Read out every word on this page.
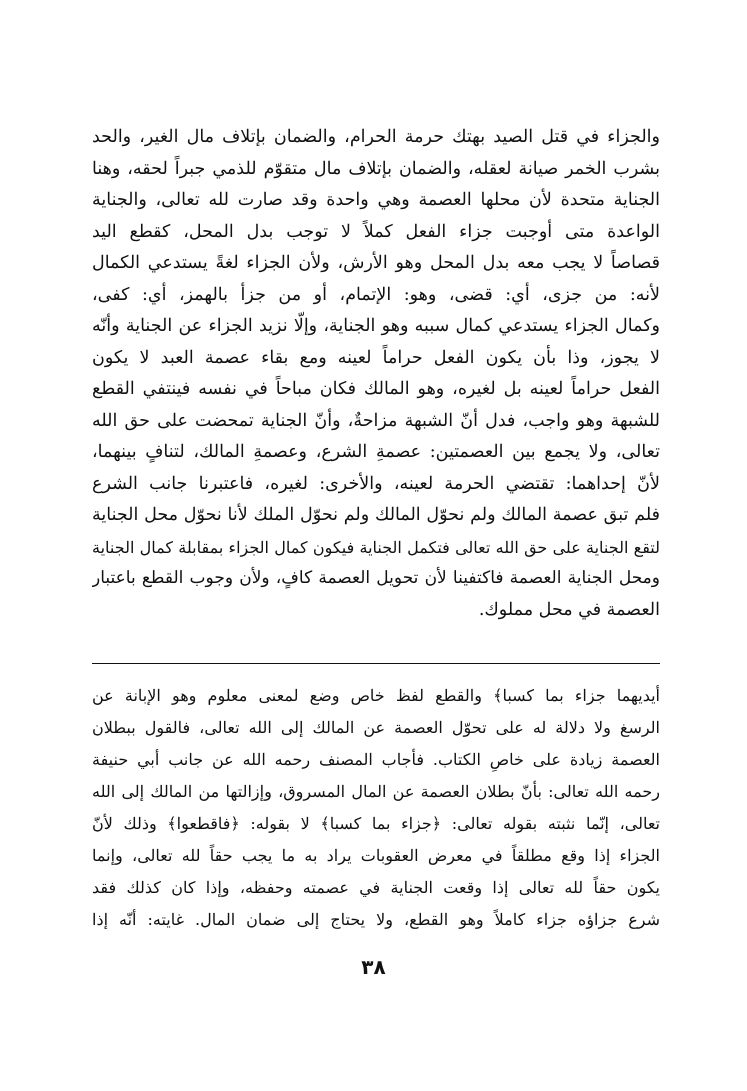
والجزاء في قتل الصيد بهتك حرمة الحرام، والضمان بإتلاف مال الغير، والحد
بشرب الخمر صيانة لعقله، والضمان بإتلاف مال متقوّم للذمي جبراً لحقه، وهنا
الجناية متحدة لأن محلها العصمة وهي واحدة وقد صارت لله تعالى، والجناية
الواعدة متى أوجبت جزاء الفعل كملاً لا توجب بدل المحل، كقطع اليد
قصاصاً لا يجب معه بدل المحل وهو الأرش، ولأن الجزاء لغةً يستدعي الكمال
لأنه: من جزى، أي: قضى، وهو: الإتمام، أو من جزأ بالهمز، أي: كفى،
وكمال الجزاء يستدعي كمال سببه وهو الجناية، وإلّا نزيد الجزاء عن الجناية وأنّه
لا يجوز، وذا بأن يكون الفعل حراماً لعينه ومع بقاء عصمة العبد لا يكون
الفعل حراماً لعينه بل لغيره، وهو المالك فكان مباحاً في نفسه فينتفي القطع
للشبهة وهو واجب، فدل أنّ الشبهة مزاحةٌ، وأنّ الجناية تمحضت على حق الله
تعالى، ولا يجمع بين العصمتين: عصمةِ الشرع، وعصمةِ المالك، لتنافٍ بينهما،
لأنّ إحداهما: تقتضي الحرمة لعينه، والأخرى: لغيره، فاعتبرنا جانب الشرع
فلم تبق عصمة المالك ولم نحوّل المالك ولم نحوّل الملك لأنا نحوّل محل الجناية
لتقع الجناية على حق الله تعالى فتكمل الجناية فيكون كمال الجزاء بمقابلة كمال الجناية
ومحل الجناية العصمة فاكتفينا لأن تحويل العصمة كافٍ، ولأن وجوب القطع باعتبار
العصمة في محل مملوك.
أيديهما جزاء بما كسبا﴾ والقطع لفظ خاص وضع لمعنى معلوم وهو الإبانة عن
الرسغ ولا دلالة له على تحوّل العصمة عن المالك إلى الله تعالى، فالقول ببطلان
العصمة زيادة على خاصِ الكتاب. فأجاب المصنف رحمه الله عن جانب أبي حنيفة
رحمه الله تعالى: بأنّ بطلان العصمة عن المال المسروق، وإزالتها من المالك إلى الله
تعالى، إنّما نثبته بقوله تعالى: ﴿جزاء بما كسبا﴾ لا بقوله: ﴿فاقطعوا﴾ وذلك لأنّ
الجزاء إذا وقع مطلقاً في معرض العقوبات يراد به ما يجب حقاً لله تعالى، وإنما
يكون حقاً لله تعالى إذا وقعت الجناية في عصمته وحفظه، وإذا كان كذلك فقد
شرع جزاؤه جزاء كاملاً وهو القطع، ولا يحتاج إلى ضمان المال. غايته: أنّه إذا
٣٨
